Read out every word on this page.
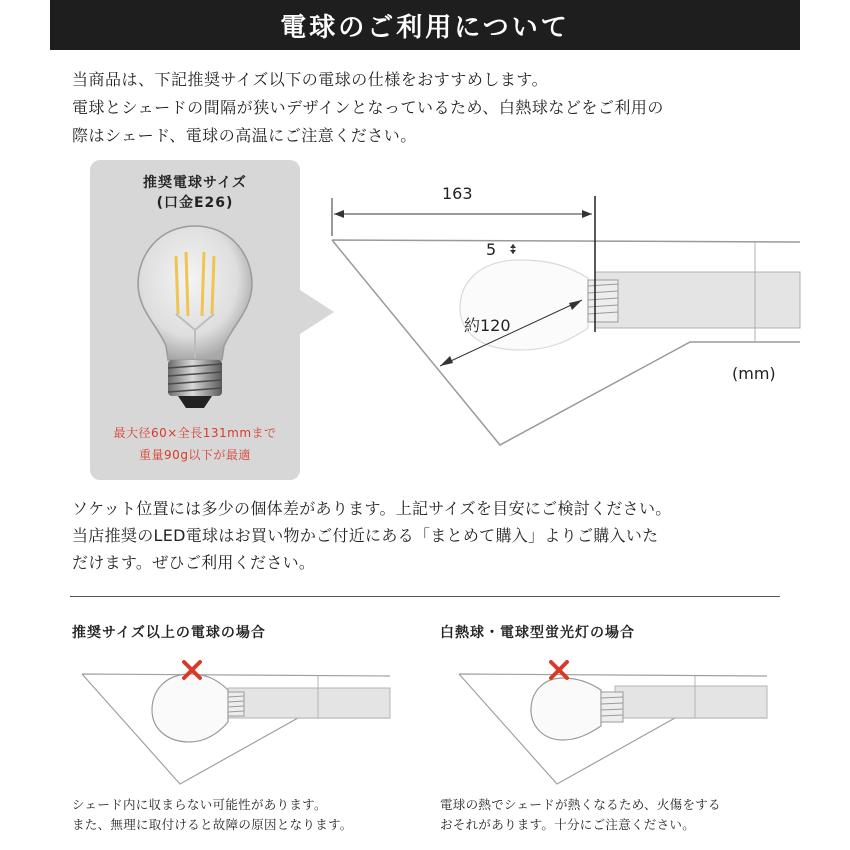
電球のご利用について
当商品は、下記推奨サイズ以下の電球の仕様をおすすめします。
電球とシェードの間隔が狭いデザインとなっているため、白熱球などをご利用の
際はシェード、電球の高温にご注意ください。
推奨電球サイズ
(口金E26)
最大径60×全長131mmまで
重量90g以下が最適
163
5
約120
(mm)
ソケット位置には多少の個体差があります。上記サイズを目安にご検討ください。
当店推奨のLED電球はお買い物かご付近にある「まとめて購入」よりご購入いた
だけます。ぜひご利用ください。
推奨サイズ以上の電球の場合
シェード内に収まらない可能性があります。
また、無理に取付けると故障の原因となります。
白熱球・電球型蛍光灯の場合
電球の熱でシェードが熱くなるため、火傷をする
おそれがあります。十分にご注意ください。
